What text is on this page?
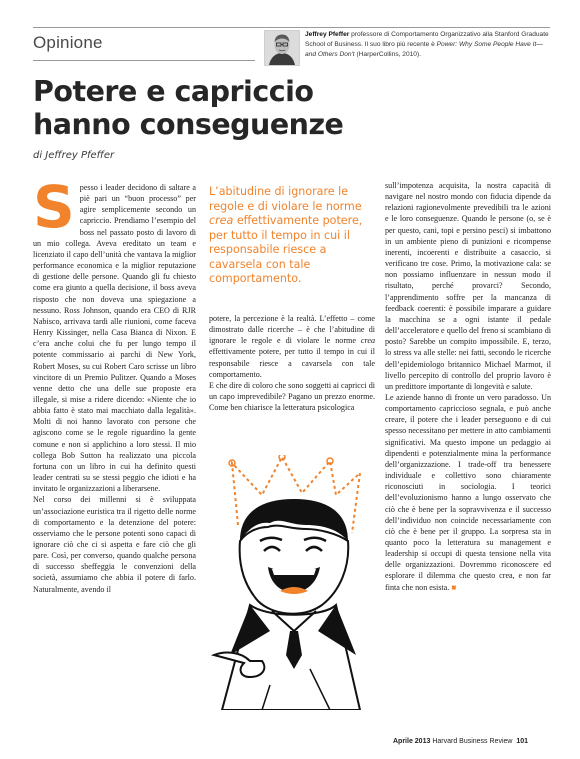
Opinione	Jeffrey Pfeffer professore di Comportamento Organizzativo alla Stanford Graduate School of Business. Il suo libro più recente è Power: Why Some People Have It—and Others Don't (HarperCollins, 2010).
Potere e capriccio
hanno conseguenze
di Jeffrey Pfeffer

Spesso i leader decidono di saltare a piè pari un “buon processo” per agire semplicemente secondo un capriccio. Prendiamo l’esempio del boss nel passato posto di lavoro di un mio collega. Aveva ereditato un team e licenziato il capo dell’unità che vantava la miglior performance economica e la miglior reputazione di gestione delle persone. Quando gli fu chiesto come era giunto a quella decisione, il boss aveva risposto che non doveva una spiegazione a nessuno. Ross Johnson, quando era CEO di RJR Nabisco, arrivava tardi alle riunioni, come faceva Henry Kissinger, nella Casa Bianca di Nixon. E c’era anche colui che fu per lungo tempo il potente commissario ai parchi di New York, Robert Moses, su cui Robert Caro scrisse un libro vincitore di un Premio Pulitzer. Quando a Moses venne detto che una delle sue proposte era illegale, si mise a ridere dicendo: «Niente che io abbia fatto è stato mai macchiato dalla legalità». Molti di noi hanno lavorato con persone che agiscono come se le regole riguardino la gente comune e non si applichino a loro stessi. Il mio collega Bob Sutton ha realizzato una piccola fortuna con un libro in cui ha definito questi leader centrati su se stessi peggio che idioti e ha invitato le organizzazioni a liberarsene.

Nel corso dei millenni si è sviluppata un’associazione euristica tra il rigetto delle norme di comportamento e la detenzione del potere: osserviamo che le persone potenti sono capaci di ignorare ciò che ci si aspetta e fare ciò che gli pare. Così, per converso, quando qualche persona di successo sbeffeggia le convenzioni della società, assumiamo che abbia il potere di farlo. Naturalmente, avendo il

L’abitudine di ignorare le regole e di violare le norme crea effettivamente potere, per tutto il tempo in cui il responsabile riesce a cavarsela con tale comportamento.

potere, la percezione è la realtà. L’effetto – come dimostrato dalle ricerche – è che l’abitudine di ignorare le regole e di violare le norme crea effettivamente potere, per tutto il tempo in cui il responsabile riesce a cavarsela con tale comportamento.

E che dire di coloro che sono soggetti ai capricci di un capo imprevedibile? Pagano un prezzo enorme. Come ben chiarisce la letteratura psicologica

sull’impotenza acquisita, la nostra capacità di navigare nel nostro mondo con fiducia dipende da relazioni ragionevolmente prevedibili tra le azioni e le loro conseguenze. Quando le persone (o, se è per questo, cani, topi e persino pesci) si imbattono in un ambiente pieno di punizioni e ricompense inerenti, incoerenti e distribuite a casaccio, si verificano tre cose. Primo, la motivazione cala: se non possiamo influenzare in nessun modo il risultato, perché provarci? Secondo, l’apprendimento soffre per la mancanza di feedback coerenti: è possibile imparare a guidare la macchina se a ogni istante il pedale dell’acceleratore e quello del freno si scambiano di posto? Sarebbe un compito impossibile. E, terzo, lo stress va alle stelle: nei fatti, secondo le ricerche dell’epidemiologo britannico Michael Marmot, il livello percepito di controllo del proprio lavoro è un predittore importante di longevità e salute.

Le aziende hanno di fronte un vero paradosso. Un comportamento capriccioso segnala, e può anche creare, il potere che i leader perseguono e di cui spesso necessitano per mettere in atto cambiamenti significativi. Ma questo impone un pedaggio ai dipendenti e potenzialmente mina la performance dell’organizzazione. I trade-off tra benessere individuale e collettivo sono chiaramente riconosciuti in sociologia. I teorici dell’evoluzionismo hanno a lungo osservato che ciò che è bene per la sopravvivenza e il successo dell’individuo non coincide necessariamente con ciò che è bene per il gruppo. La sorpresa sta in quanto poco la letteratura su management e leadership si occupi di questa tensione nella vita delle organizzazioni. Dovremmo riconoscere ed esplorare il dilemma che questo crea, e non far finta che non esista. ■

Aprile 2013 Harvard Business Review 101
